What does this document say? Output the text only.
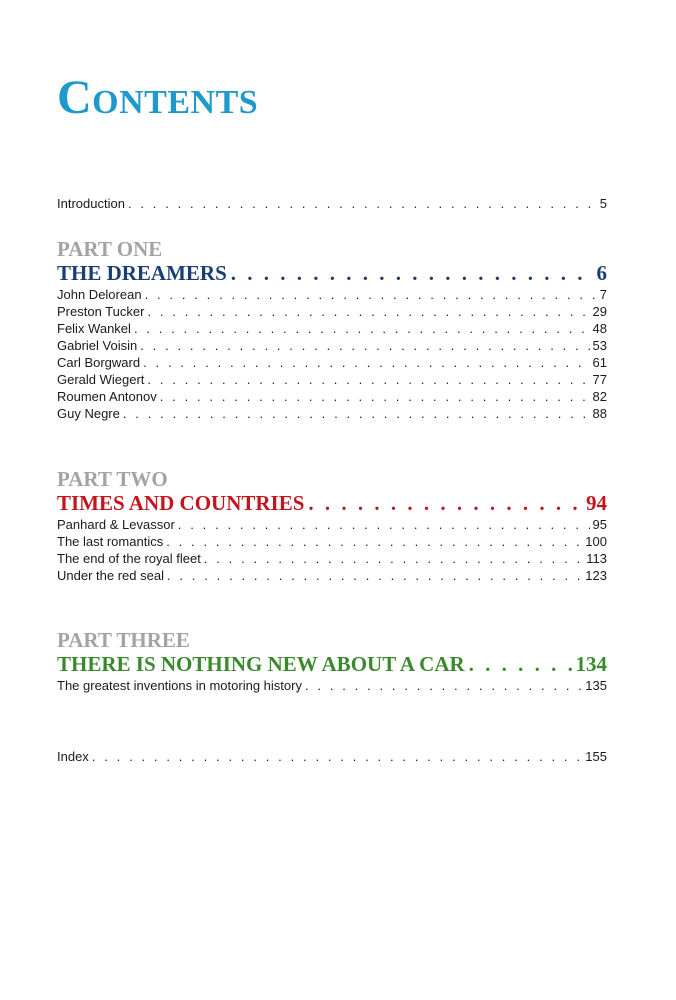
Contents
Introduction . . .	5
PART ONE
THE DREAMERS . . .	6
John Delorean . . .	7
Preston Tucker . . .	29
Felix Wankel . . .	48
Gabriel Voisin . . .	53
Carl Borgward . . .	61
Gerald Wiegert . . .	77
Roumen Antonov . . .	82
Guy Negre . . .	88
PART TWO
TIMES AND COUNTRIES . . .	94
Panhard & Levassor . . .	95
The last romantics . . .	100
The end of the royal fleet . . .	113
Under the red seal . . .	123
PART THREE
THERE IS NOTHING NEW ABOUT A CAR . . .	134
The greatest inventions in motoring history . . .	135
Index . . .	155
